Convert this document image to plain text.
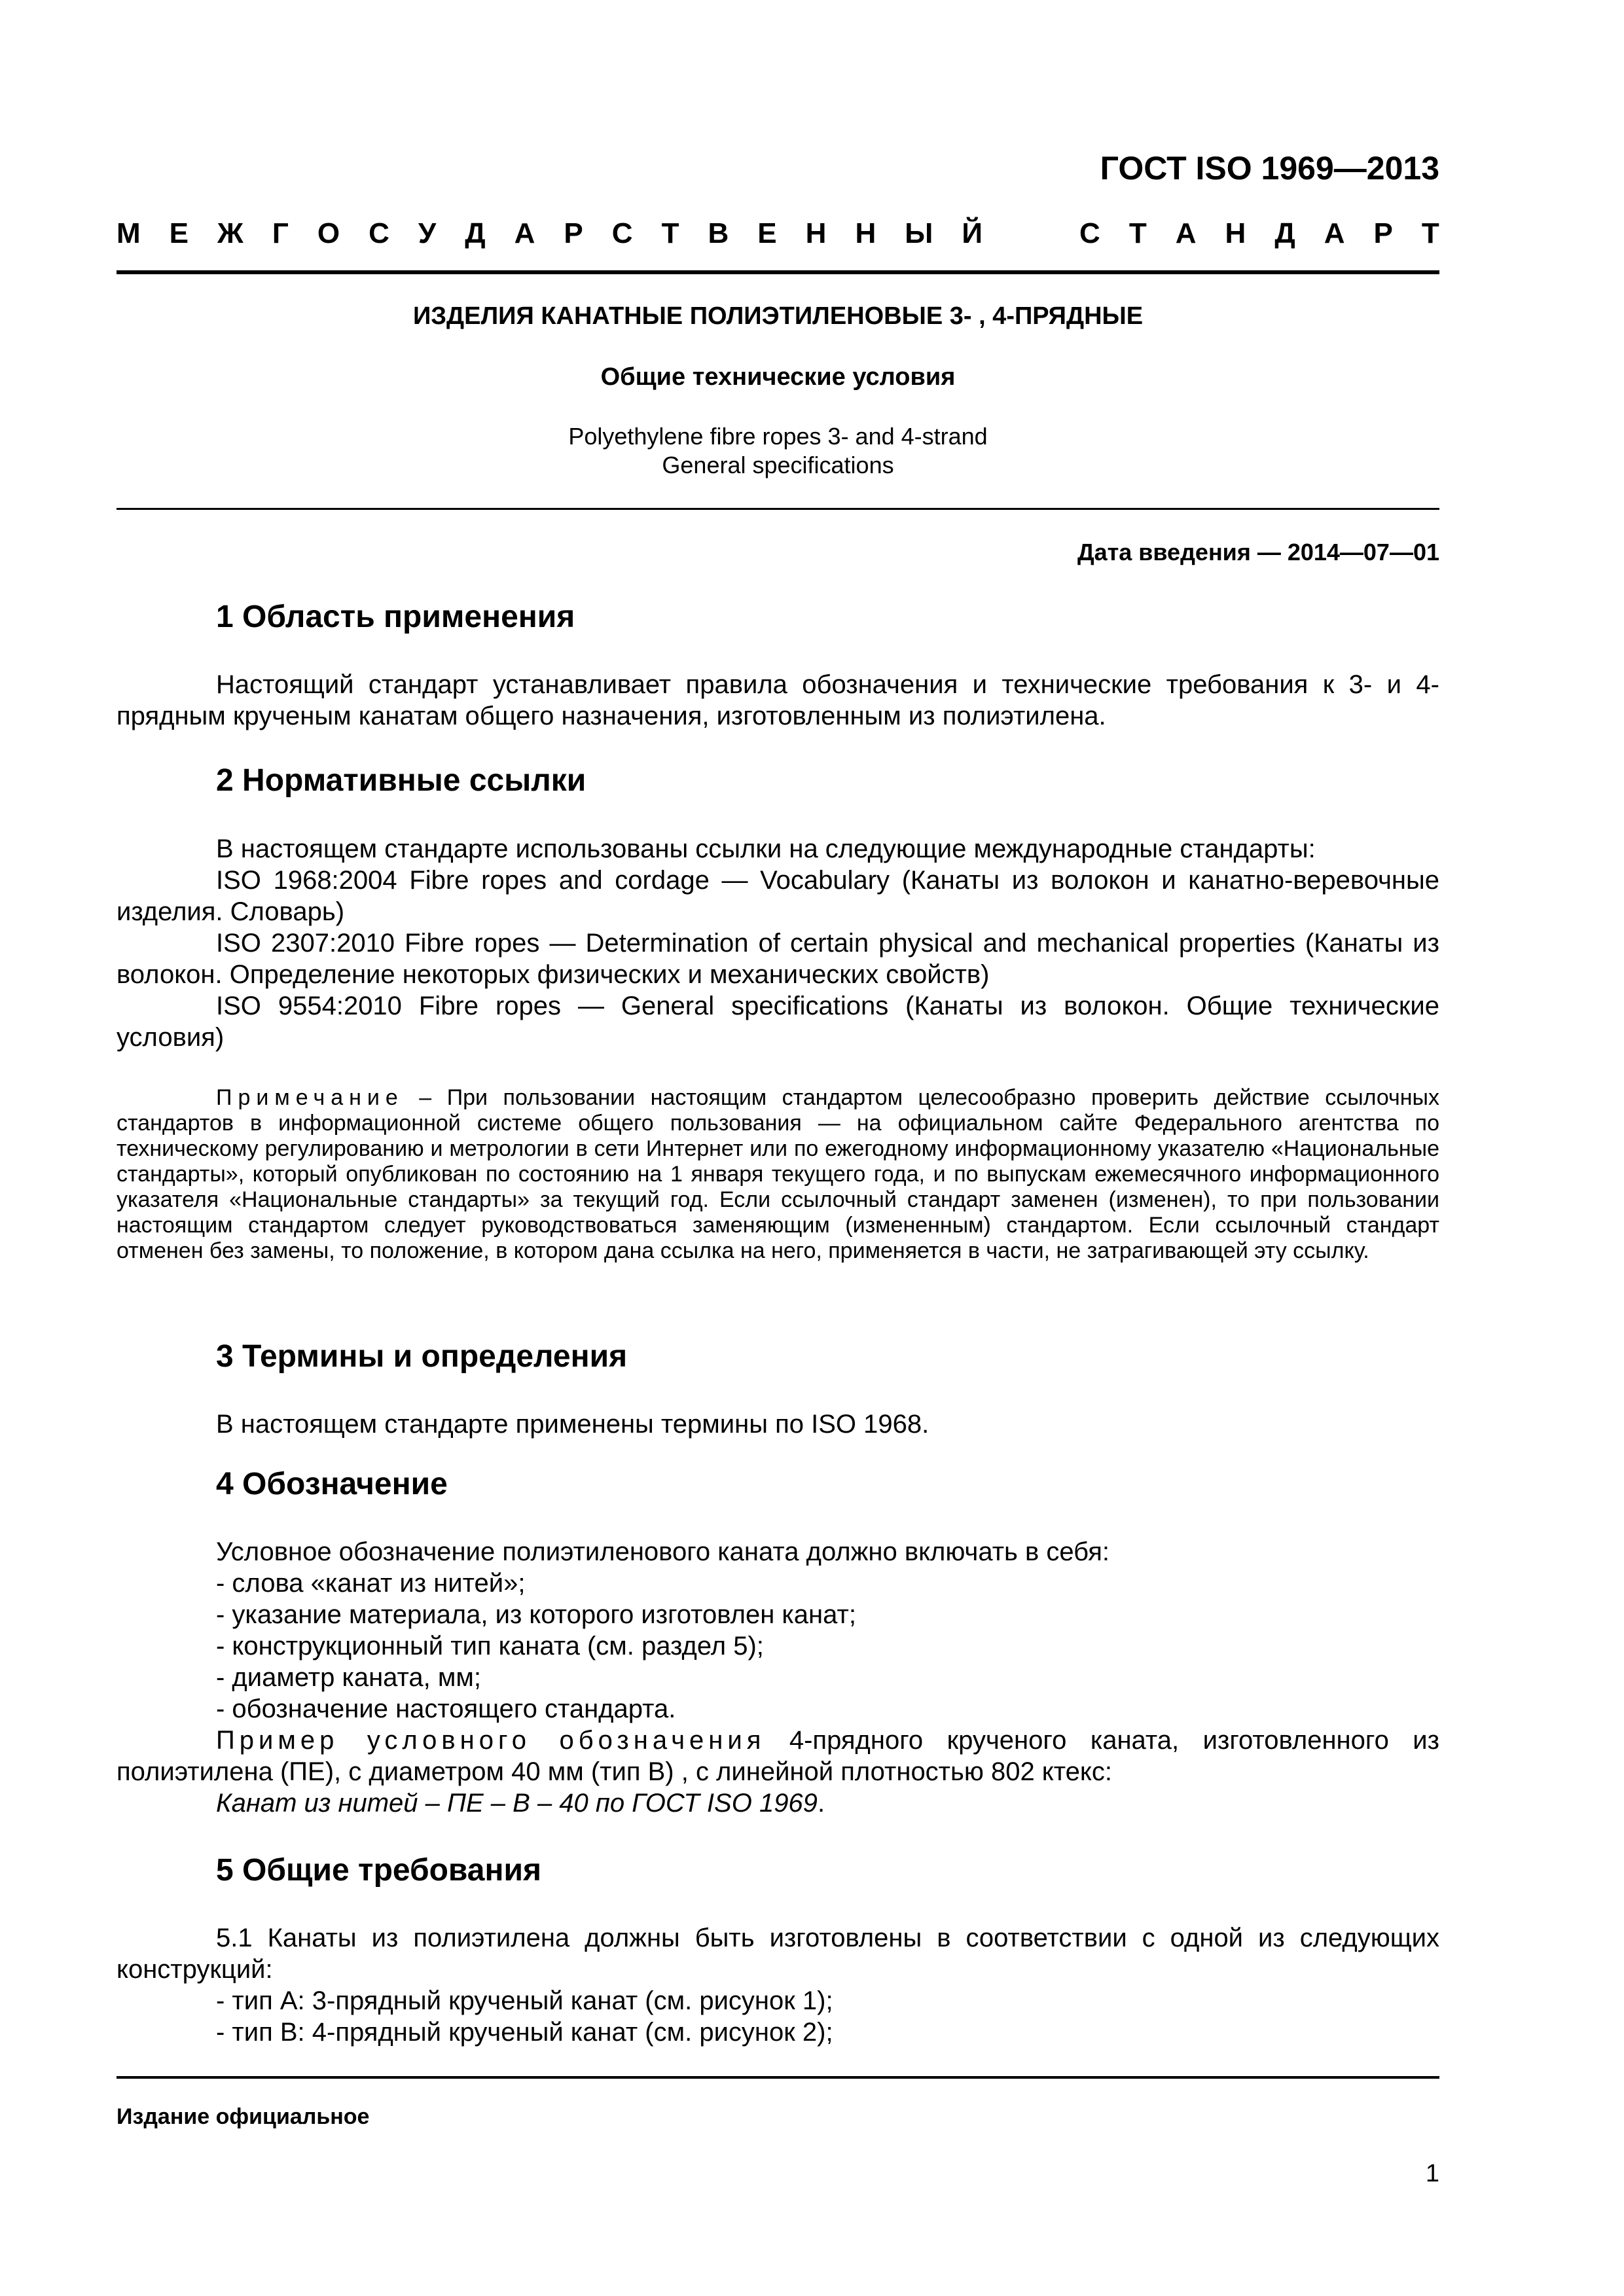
ГОСТ ISO 1969—2013
М Е Ж Г О С У Д А Р С Т В Е Н Н Ы Й	С Т А Н Д А Р Т
ИЗДЕЛИЯ КАНАТНЫЕ ПОЛИЭТИЛЕНОВЫЕ 3- , 4-ПРЯДНЫЕ
Общие технические условия
Polyethylene fibre ropes 3- and 4-strand
General specifications
Дата введения — 2014—07—01
1 Область применения

Настоящий стандарт устанавливает правила обозначения и технические требования к 3- и 4-прядным крученым канатам общего назначения, изготовленным из полиэтилена.

2 Нормативные ссылки

В настоящем стандарте использованы ссылки на следующие международные стандарты:

ISO 1968:2004 Fibre ropes and cordage — Vocabulary (Канаты из волокон и канатно-веревочные изделия. Словарь)

ISO 2307:2010 Fibre ropes — Determination of certain physical and mechanical properties (Канаты из волокон. Определение некоторых физических и механических свойств)

ISO 9554:2010 Fibre ropes — General specifications (Канаты из волокон. Общие технические условия)

Примечание – При пользовании настоящим стандартом целесообразно проверить действие ссылочных стандартов в информационной системе общего пользования — на официальном сайте Федерального агентства по техническому регулированию и метрологии в сети Интернет или по ежегодному информационному указателю «Национальные стандарты», который опубликован по состоянию на 1 января текущего года, и по выпускам ежемесячного информационного указателя «Национальные стандарты» за текущий год. Если ссылочный стандарт заменен (изменен), то при пользовании настоящим стандартом следует руководствоваться заменяющим (измененным) стандартом. Если ссылочный стандарт отменен без замены, то положение, в котором дана ссылка на него, применяется в части, не затрагивающей эту ссылку.
3 Термины и определения

В настоящем стандарте применены термины по ISO 1968.

4 Обозначение

Условное обозначение полиэтиленового каната должно включать в себя:

- слова «канат из нитей»;
- указание материала, из которого изготовлен канат;
- конструкционный тип каната (см. раздел 5);
- диаметр каната, мм;
- обозначение настоящего стандарта.

Пример условного обозначения 4-прядного крученого каната, изготовленного из полиэтилена (ПЕ), с диаметром 40 мм (тип В) , с линейной плотностью 802 ктекс:

Канат из нитей – ПЕ – В – 40 по ГОСТ ISO 1969.
5 Общие требования

5.1 Канаты из полиэтилена должны быть изготовлены в соответствии с одной из следующих конструкций:

- тип А: 3-прядный крученый канат (см. рисунок 1);
- тип В: 4-прядный крученый канат (см. рисунок 2);
Издание официальное
1
